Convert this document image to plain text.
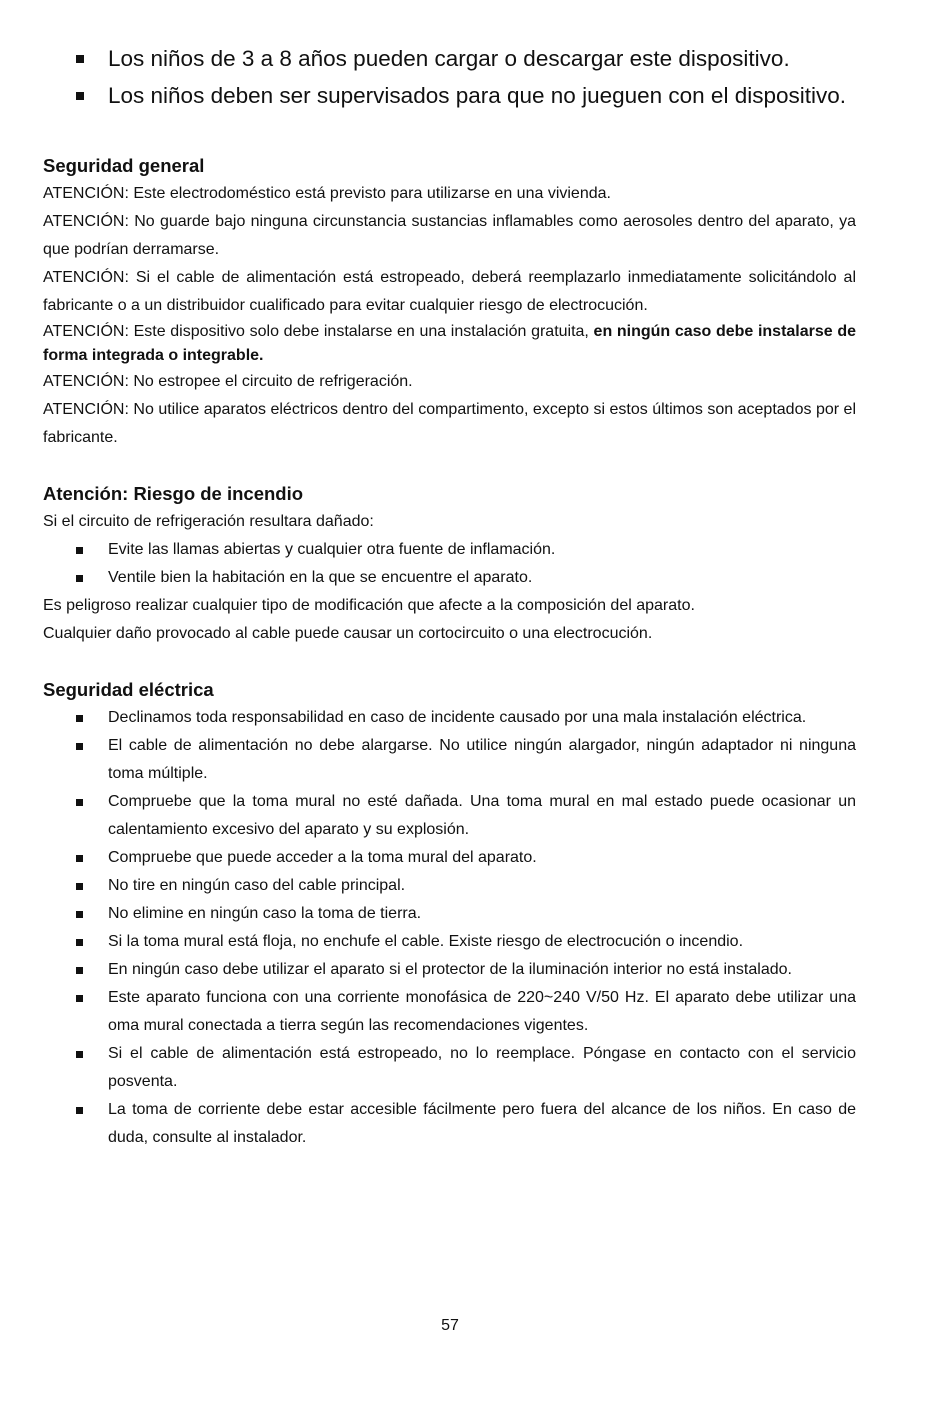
Los niños de 3 a 8 años pueden cargar o descargar este dispositivo.
Los niños deben ser supervisados para que no jueguen con el dispositivo.
Seguridad general

ATENCIÓN: Este electrodoméstico está previsto para utilizarse en una vivienda.

ATENCIÓN: No guarde bajo ninguna circunstancia sustancias inflamables como aerosoles dentro del aparato, ya que podrían derramarse.

ATENCIÓN: Si el cable de alimentación está estropeado, deberá reemplazarlo inmediatamente solicitándolo al fabricante o a un distribuidor cualificado para evitar cualquier riesgo de electrocución.

ATENCIÓN: Este dispositivo solo debe instalarse en una instalación gratuita, en ningún caso debe instalarse de forma integrada o integrable.

ATENCIÓN: No estropee el circuito de refrigeración.

ATENCIÓN: No utilice aparatos eléctricos dentro del compartimento, excepto si estos últimos son aceptados por el fabricante.

Atención: Riesgo de incendio

Si el circuito de refrigeración resultara dañado:

Evite las llamas abiertas y cualquier otra fuente de inflamación.
Ventile bien la habitación en la que se encuentre el aparato.

Es peligroso realizar cualquier tipo de modificación que afecte a la composición del aparato.

Cualquier daño provocado al cable puede causar un cortocircuito o una electrocución.

Seguridad eléctrica
Declinamos toda responsabilidad en caso de incidente causado por una mala instalación eléctrica.
El cable de alimentación no debe alargarse. No utilice ningún alargador, ningún adaptador ni ninguna toma múltiple.
Compruebe que la toma mural no esté dañada. Una toma mural en mal estado puede ocasionar un calentamiento excesivo del aparato y su explosión.
Compruebe que puede acceder a la toma mural del aparato.
No tire en ningún caso del cable principal.
No elimine en ningún caso la toma de tierra.
Si la toma mural está floja, no enchufe el cable. Existe riesgo de electrocución o incendio.
En ningún caso debe utilizar el aparato si el protector de la iluminación interior no está instalado.
Este aparato funciona con una corriente monofásica de 220~240 V/50 Hz. El aparato debe utilizar una oma mural conectada a tierra según las recomendaciones vigentes.
Si el cable de alimentación está estropeado, no lo reemplace. Póngase en contacto con el servicio posventa.
La toma de corriente debe estar accesible fácilmente pero fuera del alcance de los niños. En caso de duda, consulte al instalador.
57
